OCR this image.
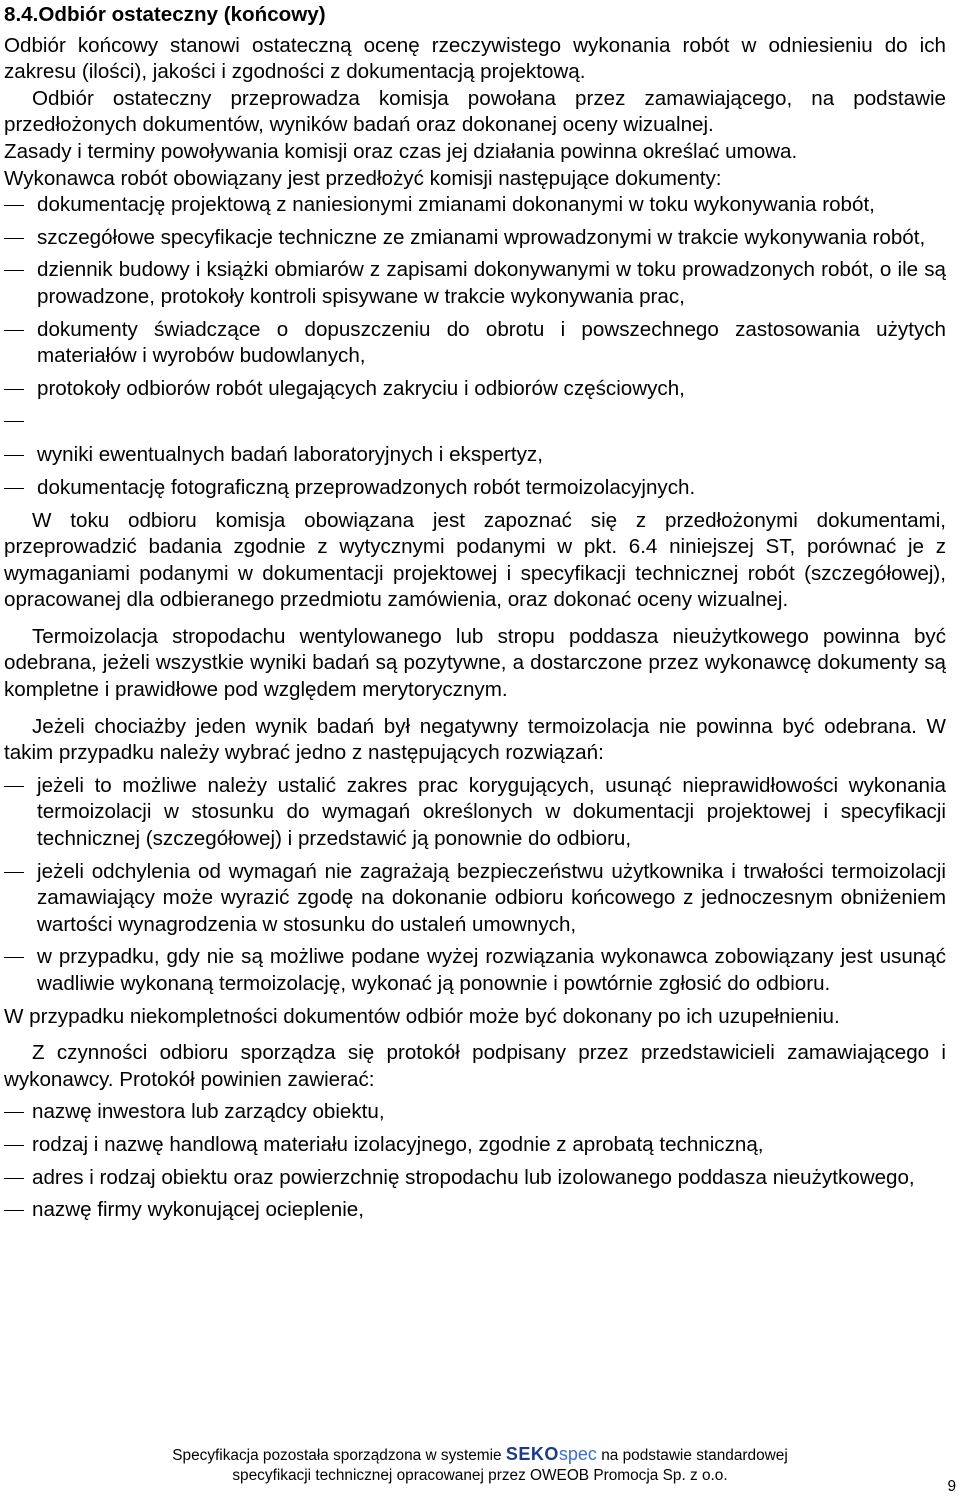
8.4.Odbiór ostateczny (końcowy)

Odbiór końcowy stanowi ostateczną ocenę rzeczywistego wykonania robót w odniesieniu do ich zakresu (ilości), jakości i zgodności z dokumentacją projektową.

Odbiór ostateczny przeprowadza komisja powołana przez zamawiającego, na podstawie przedłożonych dokumentów, wyników badań oraz dokonanej oceny wizualnej.

Zasady i terminy powoływania komisji oraz czas jej działania powinna określać umowa.

Wykonawca robót obowiązany jest przedłożyć komisji następujące dokumenty:

dokumentację projektową z naniesionymi zmianami dokonanymi w toku wykonywania robót,
szczegółowe specyfikacje techniczne ze zmianami wprowadzonymi w trakcie wykonywania robót,
dziennik budowy i książki obmiarów z zapisami dokonywanymi w toku prowadzonych robót, o ile są prowadzone, protokoły kontroli spisywane w trakcie wykonywania prac,
dokumenty świadczące o dopuszczeniu do obrotu i powszechnego zastosowania użytych materiałów i wyrobów budowlanych,
protokoły odbiorów robót ulegających zakryciu i odbiorów częściowych,
wyniki ewentualnych badań laboratoryjnych i ekspertyz,
dokumentację fotograficzną przeprowadzonych robót termoizolacyjnych.

W toku odbioru komisja obowiązana jest zapoznać się z przedłożonymi dokumentami, przeprowadzić badania zgodnie z wytycznymi podanymi w pkt. 6.4 niniejszej ST, porównać je z wymaganiami podanymi w dokumentacji projektowej i specyfikacji technicznej robót (szczegółowej), opracowanej dla odbieranego przedmiotu zamówienia, oraz dokonać oceny wizualnej.

Termoizolacja stropodachu wentylowanego lub stropu poddasza nieużytkowego powinna być odebrana, jeżeli wszystkie wyniki badań są pozytywne, a dostarczone przez wykonawcę dokumenty są kompletne i prawidłowe pod względem merytorycznym.

Jeżeli chociażby jeden wynik badań był negatywny termoizolacja nie powinna być odebrana. W takim przypadku należy wybrać jedno z następujących rozwiązań:

jeżeli to możliwe należy ustalić zakres prac korygujących, usunąć nieprawidłowości wykonania termoizolacji w stosunku do wymagań określonych w dokumentacji projektowej i specyfikacji technicznej (szczegółowej) i przedstawić ją ponownie do odbioru,
jeżeli odchylenia od wymagań nie zagrażają bezpieczeństwu użytkownika i trwałości termoizolacji zamawiający może wyrazić zgodę na dokonanie odbioru końcowego z jednoczesnym obniżeniem wartości wynagrodzenia w stosunku do ustaleń umownych,
w przypadku, gdy nie są możliwe podane wyżej rozwiązania wykonawca zobowiązany jest usunąć wadliwie wykonaną termoizolację, wykonać ją ponownie i powtórnie zgłosić do odbioru.

W przypadku niekompletności dokumentów odbiór może być dokonany po ich uzupełnieniu.

Z czynności odbioru sporządza się protokół podpisany przez przedstawicieli zamawiającego i wykonawcy. Protokół powinien zawierać:

nazwę inwestora lub zarządcy obiektu,
rodzaj i nazwę handlową materiału izolacyjnego, zgodnie z aprobatą techniczną,
adres i rodzaj obiektu oraz powierzchnię stropodachu lub izolowanego poddasza nieużytkowego,
nazwę firmy wykonującej ocieplenie,
Specyfikacja pozostała sporządzona w systemie SEKOspec na podstawie standardowej
specyfikacji technicznej opracowanej przez OWEOB Promocja Sp. z o.o.
9
